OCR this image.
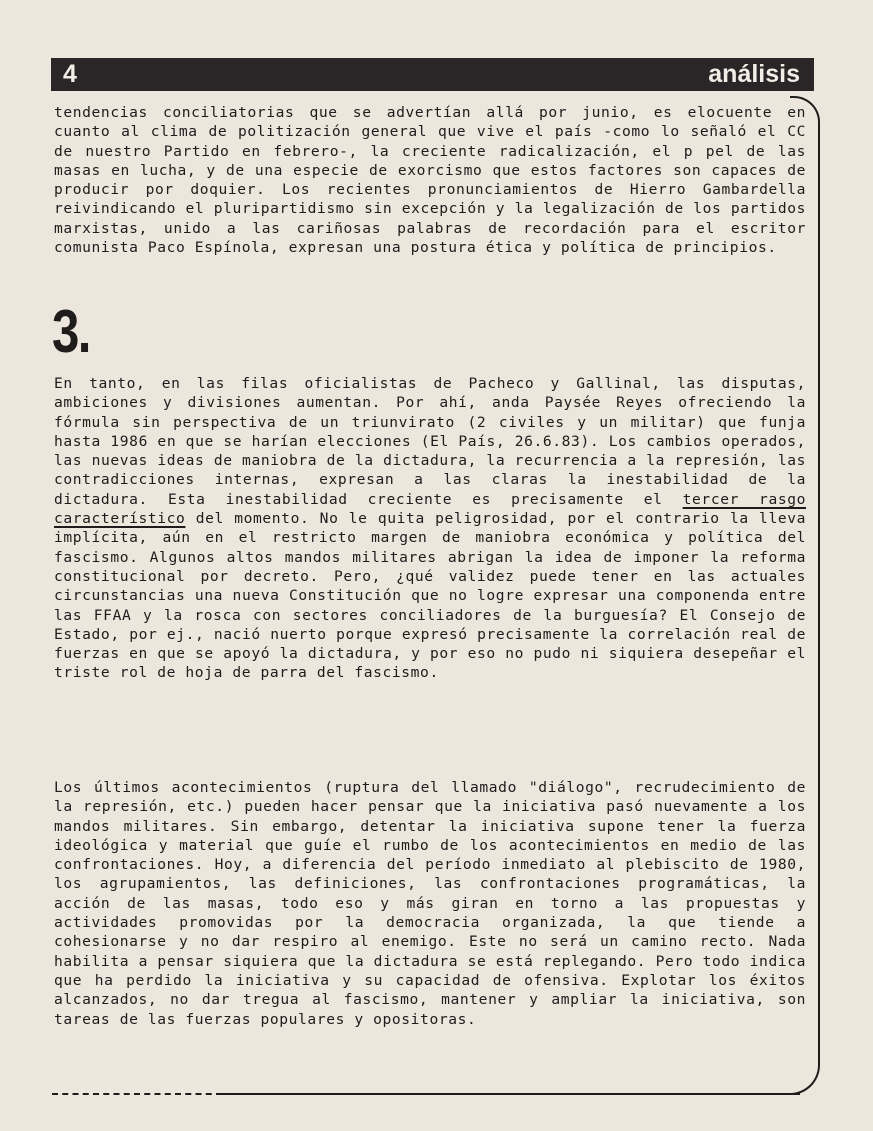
4	análisis
tendencias conciliatorias que se advertían allá por junio, es elocuente en cuanto al clima de politización general que vive el país -como lo señaló el CC de nuestro Partido en febrero-, la creciente radicalización, el p pel de las masas en lucha, y de una especie de exorcismo que estos factores son capaces de producir por doquier. Los recientes pronunciamientos de Hierro Gambardella reivindicando el pluripartidismo sin excepción y la legalización de los partidos marxistas, unido a las cariñosas palabras de recordación para el escritor comunista Paco Espínola, expresan una postura ética y política de principios.
3.
En tanto, en las filas oficialistas de Pacheco y Gallinal, las disputas, ambiciones y divisiones aumentan. Por ahí, anda Paysée Reyes ofreciendo la fórmula sin perspectiva de un triunvirato (2 civiles y un militar) que funja hasta 1986 en que se harían elecciones (El País, 26.6.83). Los cambios operados, las nuevas ideas de maniobra de la dictadura, la recurrencia a la represión, las contradicciones internas, expresan a las claras la inestabilidad de la dictadura. Esta inestabilidad creciente es precisamente el tercer rasgo característico del momento. No le quita peligrosidad, por el contrario la lleva implícita, aún en el restricto margen de maniobra económica y política del fascismo. Algunos altos mandos militares abrigan la idea de imponer la reforma constitucional por decreto. Pero, ¿qué validez puede tener en las actuales circunstancias una nueva Constitución que no logre expresar una componenda entre las FFAA y la rosca con sectores conciliadores de la burguesía? El Consejo de Estado, por ej., nació nuerto porque expresó precisamente la correlación real de fuerzas en que se apoyó la dictadura, y por eso no pudo ni siquiera desepeñar el triste rol de hoja de parra del fascismo.
Los últimos acontecimientos (ruptura del llamado "diálogo", recrudecimiento de la represión, etc.) pueden hacer pensar que la iniciativa pasó nuevamente a los mandos militares. Sin embargo, detentar la iniciativa supone tener la fuerza ideológica y material que guíe el rumbo de los acontecimientos en medio de las confrontaciones. Hoy, a diferencia del período inmediato al plebiscito de 1980, los agrupamientos, las definiciones, las confrontaciones programáticas, la acción de las masas, todo eso y más giran en torno a las propuestas y actividades promovidas por la democracia organizada, la que tiende a cohesionarse y no dar respiro al enemigo. Este no será un camino recto. Nada habilita a pensar siquiera que la dictadura se está replegando. Pero todo indica que ha perdido la iniciativa y su capacidad de ofensiva. Explotar los éxitos alcanzados, no dar tregua al fascismo, mantener y ampliar la iniciativa, son tareas de las fuerzas populares y opositoras.
